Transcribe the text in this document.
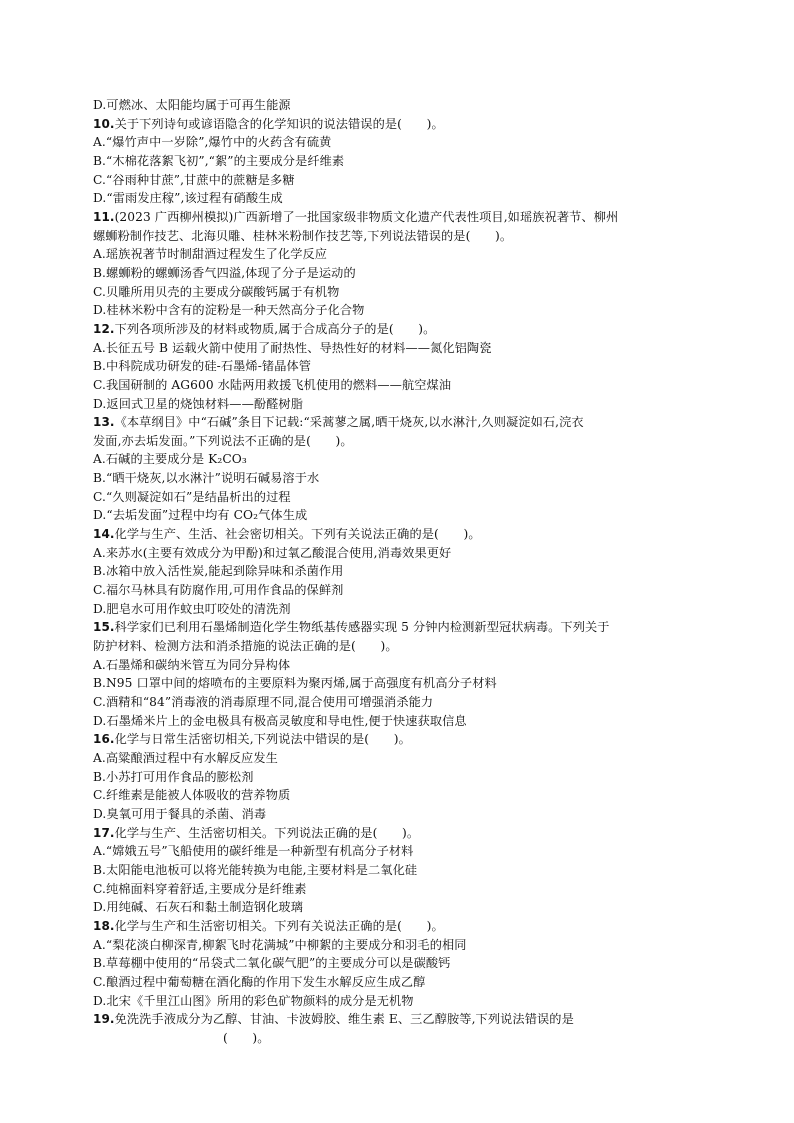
D.可燃冰、太阳能均属于可再生能源
10.关于下列诗句或谚语隐含的化学知识的说法错误的是(　　)。
A.“爆竹声中一岁除”,爆竹中的火药含有硫黄
B.“木棉花落絮飞初”,“絮”的主要成分是纤维素
C.“谷雨种甘蔗”,甘蔗中的蔗糖是多糖
D.“雷雨发庄稼”,该过程有硝酸生成
11.(2023 广西柳州模拟)广西新增了一批国家级非物质文化遗产代表性项目,如瑶族祝著节、柳州
螺蛳粉制作技艺、北海贝雕、桂林米粉制作技艺等,下列说法错误的是(　　)。
A.瑶族祝著节时制甜酒过程发生了化学反应
B.螺蛳粉的螺蛳汤香气四溢,体现了分子是运动的
C.贝雕所用贝壳的主要成分碳酸钙属于有机物
D.桂林米粉中含有的淀粉是一种天然高分子化合物
12.下列各项所涉及的材料或物质,属于合成高分子的是(　　)。
A.长征五号 B 运载火箭中使用了耐热性、导热性好的材料——氮化铝陶瓷
B.中科院成功研发的硅-石墨烯-锗晶体管
C.我国研制的 AG600 水陆两用救援飞机使用的燃料——航空煤油
D.返回式卫星的烧蚀材料——酚醛树脂
13.《本草纲目》中“石碱”条目下记载:“采蒿蓼之属,晒干烧灰,以水淋汁,久则凝淀如石,浣衣
发面,亦去垢发面。”下列说法不正确的是(　　)。
A.石碱的主要成分是 K₂CO₃
B.“晒干烧灰,以水淋汁”说明石碱易溶于水
C.“久则凝淀如石”是结晶析出的过程
D.“去垢发面”过程中均有 CO₂气体生成
14.化学与生产、生活、社会密切相关。下列有关说法正确的是(　　)。
A.来苏水(主要有效成分为甲酚)和过氧乙酸混合使用,消毒效果更好
B.冰箱中放入活性炭,能起到除异味和杀菌作用
C.福尔马林具有防腐作用,可用作食品的保鲜剂
D.肥皂水可用作蚊虫叮咬处的清洗剂
15.科学家们已利用石墨烯制造化学生物纸基传感器实现 5 分钟内检测新型冠状病毒。下列关于
防护材料、检测方法和消杀措施的说法正确的是(　　)。
A.石墨烯和碳纳米管互为同分异构体
B.N95 口罩中间的熔喷布的主要原料为聚丙烯,属于高强度有机高分子材料
C.酒精和“84”消毒液的消毒原理不同,混合使用可增强消杀能力
D.石墨烯米片上的金电极具有极高灵敏度和导电性,便于快速获取信息
16.化学与日常生活密切相关,下列说法中错误的是(　　)。
A.高粱酿酒过程中有水解反应发生
B.小苏打可用作食品的膨松剂
C.纤维素是能被人体吸收的营养物质
D.臭氧可用于餐具的杀菌、消毒
17.化学与生产、生活密切相关。下列说法正确的是(　　)。
A.“嫦娥五号”飞船使用的碳纤维是一种新型有机高分子材料
B.太阳能电池板可以将光能转换为电能,主要材料是二氧化硅
C.纯棉面料穿着舒适,主要成分是纤维素
D.用纯碱、石灰石和黏土制造钢化玻璃
18.化学与生产和生活密切相关。下列有关说法正确的是(　　)。
A.“梨花淡白柳深青,柳絮飞时花满城”中柳絮的主要成分和羽毛的相同
B.草莓棚中使用的“吊袋式二氧化碳气肥”的主要成分可以是碳酸钙
C.酿酒过程中葡萄糖在酒化酶的作用下发生水解反应生成乙醇
D.北宋《千里江山图》所用的彩色矿物颜料的成分是无机物
19.免洗洗手液成分为乙醇、甘油、卡波姆胶、维生素 E、三乙醇胺等,下列说法错误的是
(　　)。
